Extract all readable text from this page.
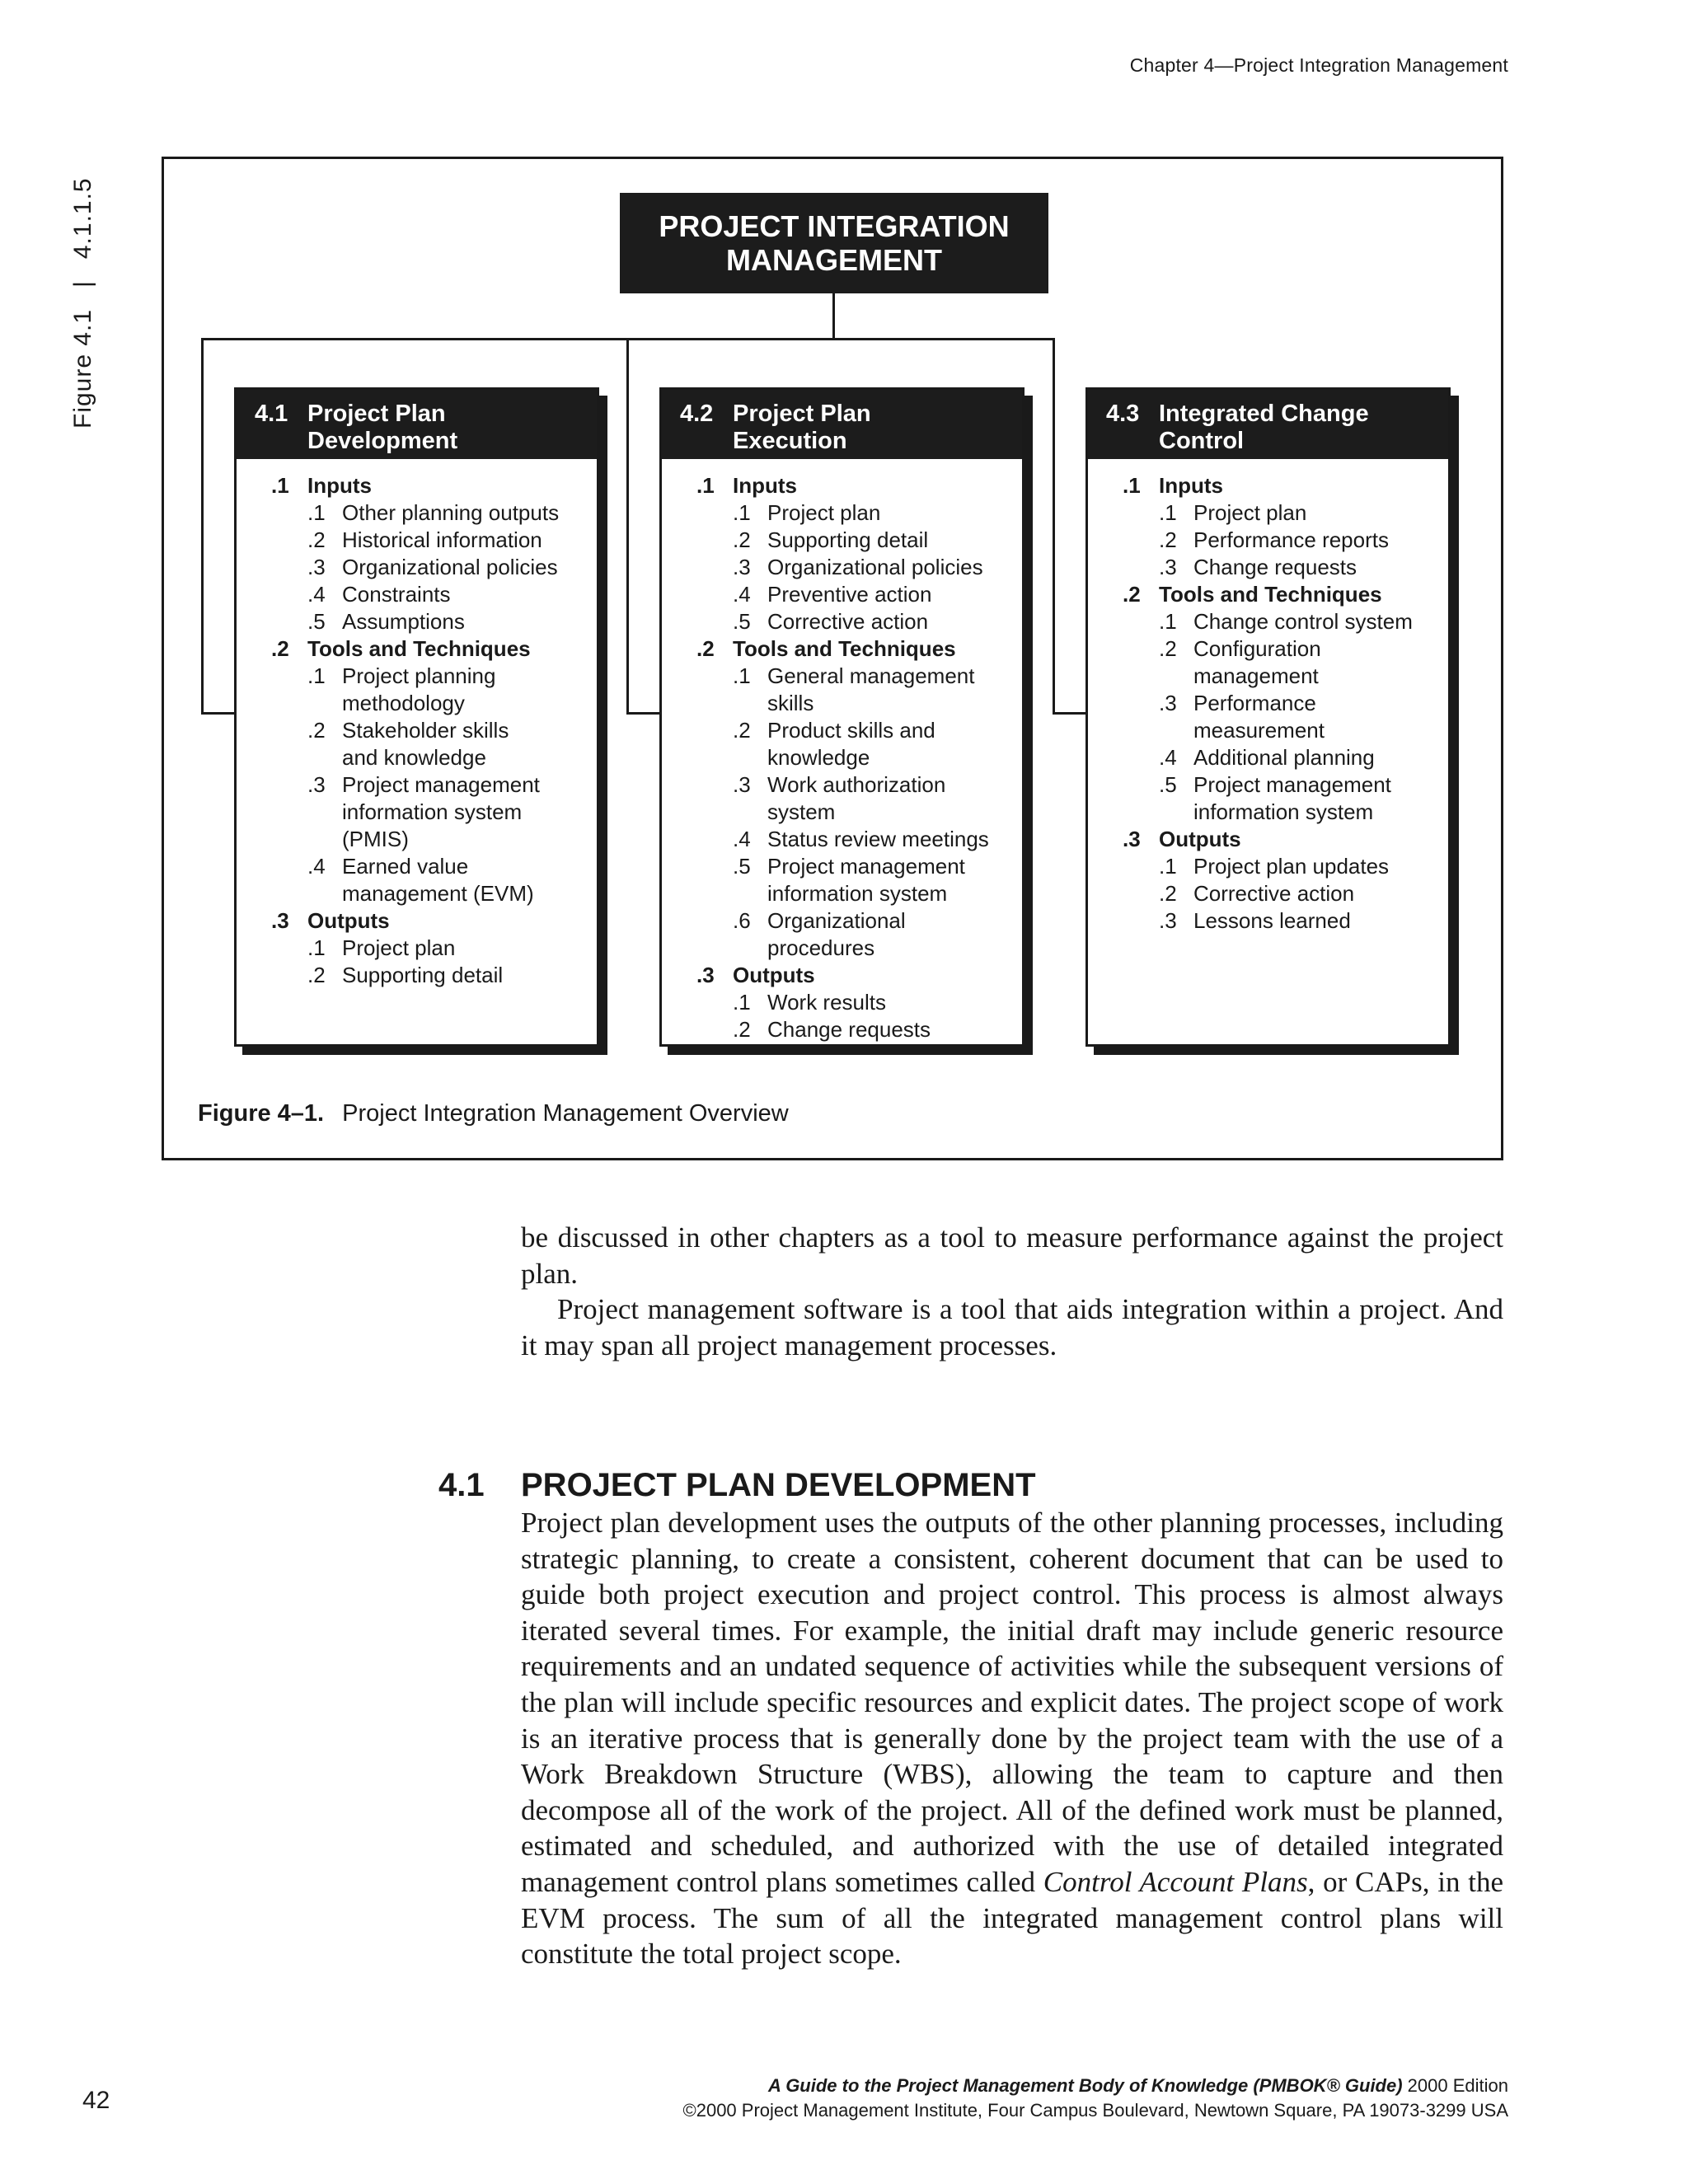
Chapter 4—Project Integration Management
Figure 4.1|4.1.1.5	PROJECT INTEGRATION
MANAGEMENT
4.1 Project Plan
Development
.1 Inputs
.1 Other planning outputs
.2 Historical information
.3 Organizational policies
.4 Constraints
.5 Assumptions
.2 Tools and Techniques
.1 Project planning
methodology
.2 Stakeholder skills
and knowledge
.3 Project management
information system
(PMIS)
.4 Earned value
management (EVM)
.3 Outputs
.1 Project plan
.2 Supporting detail
4.2 Project Plan
Execution
.1 Inputs
.1 Project plan
.2 Supporting detail
.3 Organizational policies
.4 Preventive action
.5 Corrective action
.2 Tools and Techniques
.1 General management
skills
.2 Product skills and
knowledge
.3 Work authorization
system
.4 Status review meetings
.5 Project management
information system
.6 Organizational
procedures
.3 Outputs
.1 Work results
.2 Change requests
4.3 Integrated Change
Control
.1 Inputs
.1 Project plan
.2 Performance reports
.3 Change requests
.2 Tools and Techniques
.1 Change control system
.2 Configuration
management
.3 Performance
measurement
.4 Additional planning
.5 Project management
information system
.3 Outputs
.1 Project plan updates
.2 Corrective action
.3 Lessons learned
Figure 4–1. Project Integration Management Overview

be discussed in other chapters as a tool to measure performance against the project plan.

Project management software is a tool that aids integration within a project. And it may span all project management processes.

4.1 PROJECT PLAN DEVELOPMENT

Project plan development uses the outputs of the other planning processes, including strategic planning, to create a consistent, coherent document that can be used to guide both project execution and project control. This process is almost always iterated several times. For example, the initial draft may include generic resource requirements and an undated sequence of activities while the subsequent versions of the plan will include specific resources and explicit dates. The project scope of work is an iterative process that is generally done by the project team with the use of a Work Breakdown Structure (WBS), allowing the team to capture and then decompose all of the work of the project. All of the defined work must be planned, estimated and scheduled, and authorized with the use of detailed integrated management control plans sometimes called Control Account Plans, or CAPs, in the EVM process. The sum of all the integrated management control plans will constitute the total project scope.

42
A Guide to the Project Management Body of Knowledge (PMBOK® Guide) 2000 Edition
©2000 Project Management Institute, Four Campus Boulevard, Newtown Square, PA 19073-3299 USA
